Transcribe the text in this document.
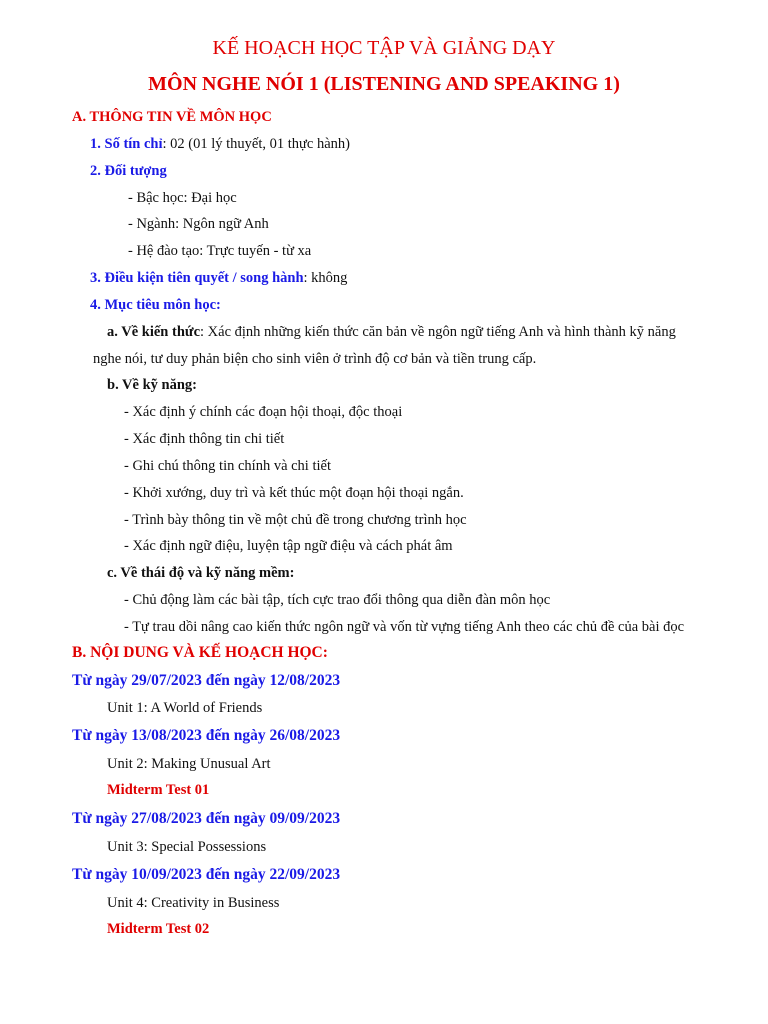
KẾ HOẠCH HỌC TẬP VÀ GIẢNG DẠY
MÔN NGHE NÓI 1 (LISTENING AND SPEAKING 1)
A. THÔNG TIN VỀ MÔN HỌC
1. Số tín chỉ: 02 (01 lý thuyết, 01 thực hành)
2. Đối tượng
- Bậc học: Đại học
- Ngành: Ngôn ngữ Anh
- Hệ đào tạo: Trực tuyến - từ xa
3. Điều kiện tiên quyết / song hành: không
4. Mục tiêu môn học:
a. Về kiến thức: Xác định những kiến thức căn bản về ngôn ngữ tiếng Anh và hình thành kỹ năng
nghe nói, tư duy phản biện cho sinh viên ở trình độ cơ bản và tiền trung cấp.
b. Về kỹ năng:
- Xác định ý chính các đoạn hội thoại, độc thoại
- Xác định thông tin chi tiết
- Ghi chú thông tin chính và chi tiết
- Khởi xướng, duy trì và kết thúc một đoạn hội thoại ngắn.
- Trình bày thông tin về một chủ đề trong chương trình học
- Xác định ngữ điệu, luyện tập ngữ điệu và cách phát âm
c. Về thái độ và kỹ năng mềm:
- Chủ động làm các bài tập, tích cực trao đổi thông qua diễn đàn môn học
- Tự trau dồi nâng cao kiến thức ngôn ngữ và vốn từ vựng tiếng Anh theo các chủ đề của bài đọc
B. NỘI DUNG VÀ KẾ HOẠCH HỌC:
Từ ngày 29/07/2023 đến ngày 12/08/2023
Unit 1: A World of Friends
Từ ngày 13/08/2023 đến ngày 26/08/2023
Unit 2: Making Unusual Art
Midterm Test 01
Từ ngày 27/08/2023 đến ngày 09/09/2023
Unit 3: Special Possessions
Từ ngày 10/09/2023 đến ngày 22/09/2023
Unit 4: Creativity in Business
Midterm Test 02
